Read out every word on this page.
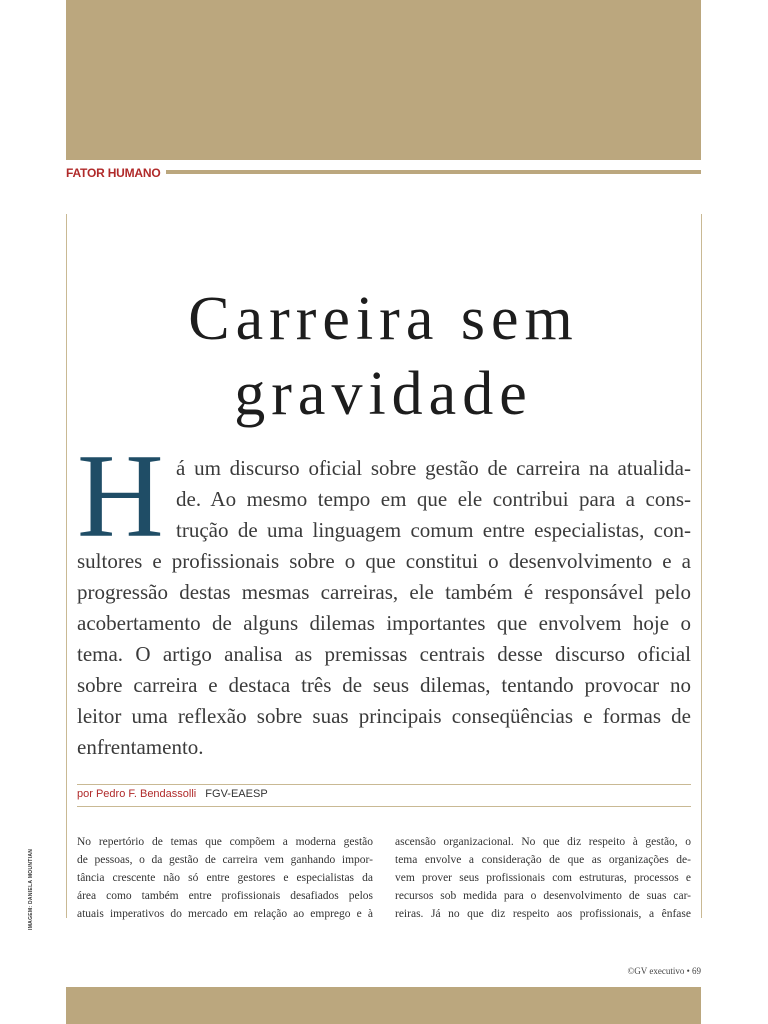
FATOR HUMANO
IMAGEM: DANIELA MOUNTIAN
Carreira sem
gravidade
H á um discurso oficial sobre gestão de carreira na atualida-
de. Ao mesmo tempo em que ele contribui para a cons-
trução de uma linguagem comum entre especialistas, con-
sultores e profissionais sobre o que constitui o desenvolvimento e a
progressão destas mesmas carreiras, ele também é responsável pelo
acobertamento de alguns dilemas importantes que envolvem hoje o
tema. O artigo analisa as premissas centrais desse discurso oficial
sobre carreira e destaca três de seus dilemas, tentando provocar no
leitor uma reflexão sobre suas principais conseqüências e formas de
enfrentamento.
por Pedro F. Bendassolli FGV-EAESP
No repertório de temas que compõem a moderna gestão
de pessoas, o da gestão de carreira vem ganhando impor-
tância crescente não só entre gestores e especialistas da
área como também entre profissionais desafiados pelos
atuais imperativos do mercado em relação ao emprego e à
ascensão organizacional. No que diz respeito à gestão, o
tema envolve a consideração de que as organizações de-
vem prover seus profissionais com estruturas, processos e
recursos sob medida para o desenvolvimento de suas car-
reiras. Já no que diz respeito aos profissionais, a ênfase
©GV executivo • 69
